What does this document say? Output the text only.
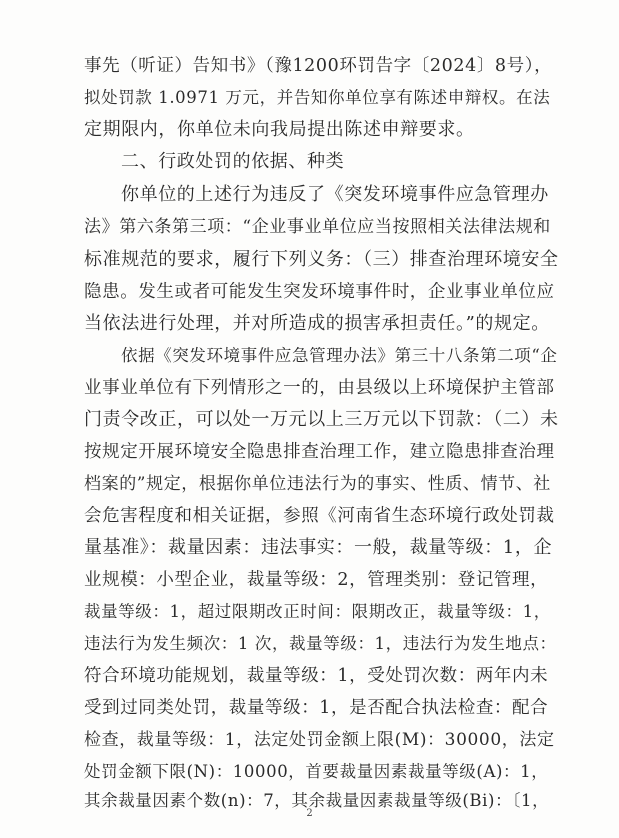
事先（听证）告知书》（豫1200环罚告字〔2024〕8号），
拟处罚款 1.0971 万元，并告知你单位享有陈述申辩权。在法
定期限内，你单位未向我局提出陈述申辩要求。
二、行政处罚的依据、种类
你单位的上述行为违反了《突发环境事件应急管理办
法》第六条第三项：“企业事业单位应当按照相关法律法规和
标准规范的要求，履行下列义务：（三）排查治理环境安全
隐患。发生或者可能发生突发环境事件时，企业事业单位应
当依法进行处理，并对所造成的损害承担责任。”的规定。
依据《突发环境事件应急管理办法》第三十八条第二项“企
业事业单位有下列情形之一的，由县级以上环境保护主管部
门责令改正，可以处一万元以上三万元以下罚款：（二）未
按规定开展环境安全隐患排查治理工作，建立隐患排查治理
档案的”规定，根据你单位违法行为的事实、性质、情节、社
会危害程度和相关证据，参照《河南省生态环境行政处罚裁
量基准》：裁量因素：违法事实：一般，裁量等级：1，企
业规模：小型企业，裁量等级：2，管理类别：登记管理，
裁量等级：1，超过限期改正时间：限期改正，裁量等级：1，
违法行为发生频次：1 次，裁量等级：1，违法行为发生地点：
符合环境功能规划，裁量等级：1，受处罚次数：两年内未
受到过同类处罚，裁量等级：1，是否配合执法检查：配合
检查，裁量等级：1，法定处罚金额上限(M)：30000，法定
处罚金额下限(N)：10000，首要裁量因素裁量等级(A)：1，
其余裁量因素个数(n)：7，其余裁量因素裁量等级(Bi)：〔1，
2
